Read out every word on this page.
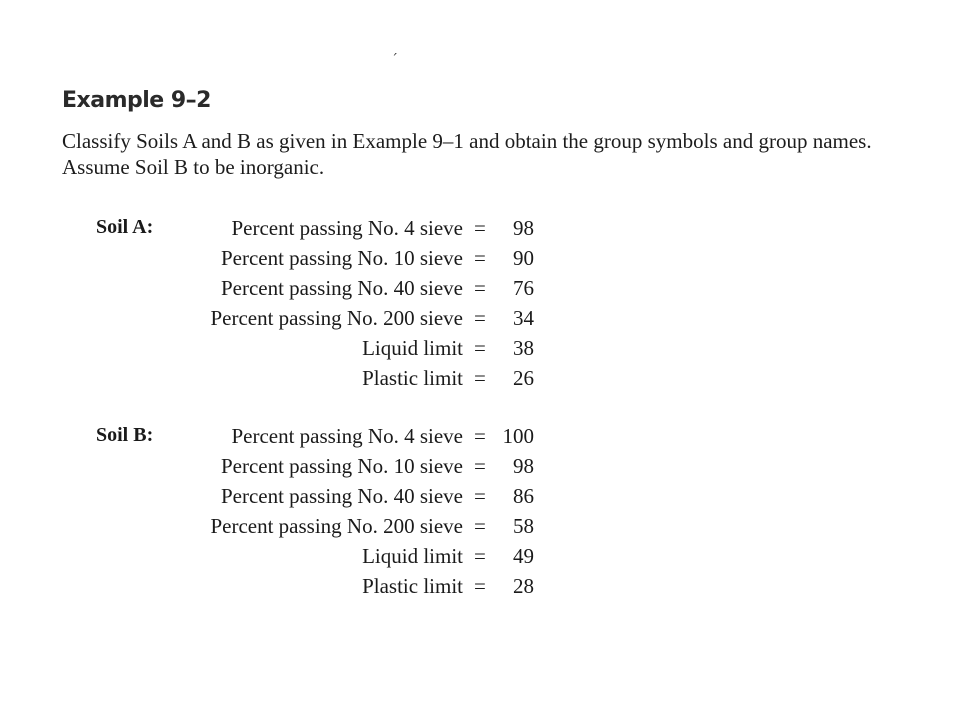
´
Example 9–2
Classify Soils A and B as given in Example 9–1 and obtain the group symbols and group names. Assume Soil B to be inorganic.
Soil A:	Percent passing No. 4 sieve =	98
Percent passing No. 10 sieve =	90
Percent passing No. 40 sieve =	76
Percent passing No. 200 sieve =	34
Liquid limit =	38
Plastic limit =	26
Soil B:	Percent passing No. 4 sieve = 100
Percent passing No. 10 sieve =	98
Percent passing No. 40 sieve =	86
Percent passing No. 200 sieve =	58
Liquid limit =	49
Plastic limit =	28
